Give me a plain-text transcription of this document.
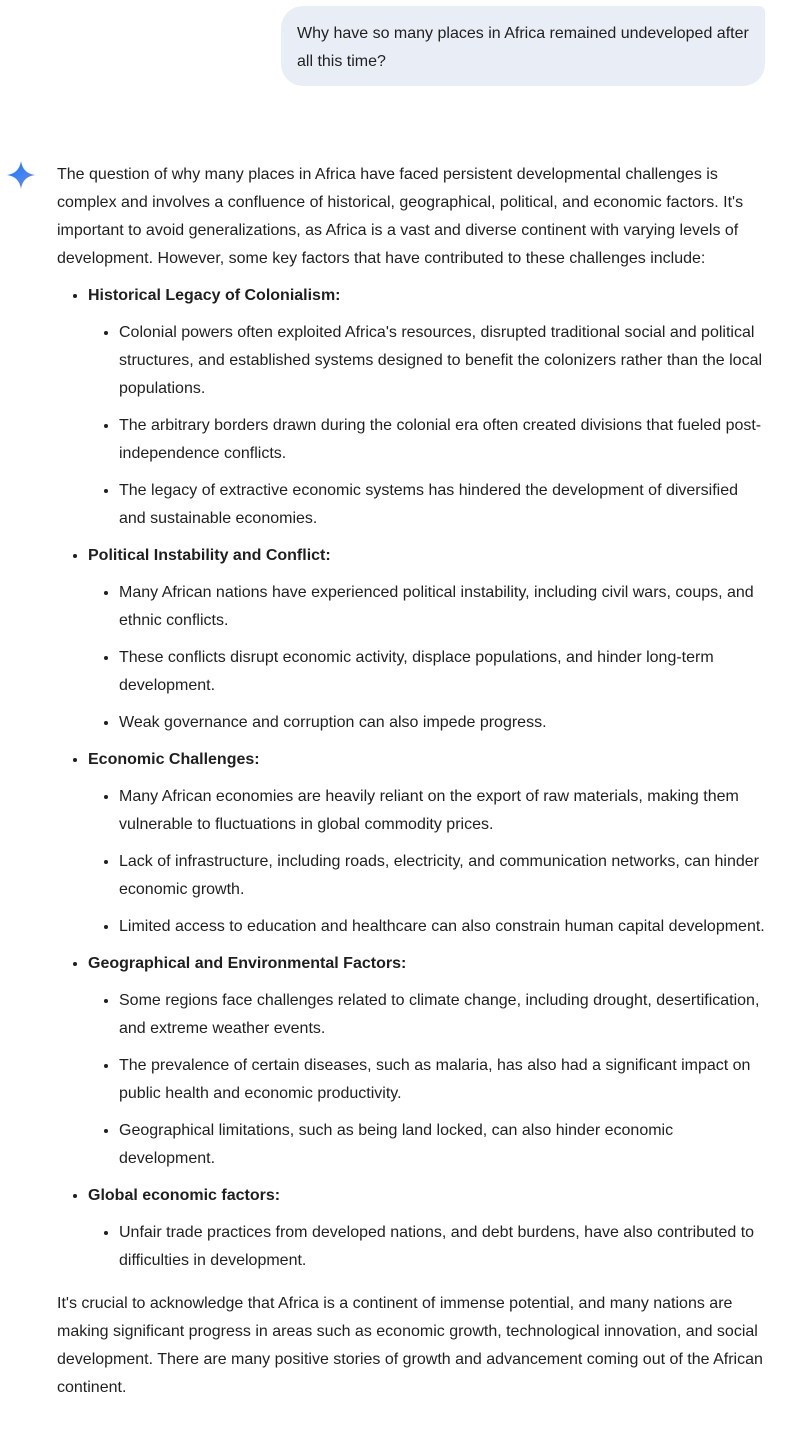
Why have so many places in Africa remained undeveloped after all this time?

The question of why many places in Africa have faced persistent developmental challenges is complex and involves a confluence of historical, geographical, political, and economic factors. It's important to avoid generalizations, as Africa is a vast and diverse continent with varying levels of development. However, some key factors that have contributed to these challenges include:

• Historical Legacy of Colonialism:
• Colonial powers often exploited Africa's resources, disrupted traditional social and political structures, and established systems designed to benefit the colonizers rather than the local populations.
• The arbitrary borders drawn during the colonial era often created divisions that fueled post-independence conflicts.
• The legacy of extractive economic systems has hindered the development of diversified and sustainable economies.
• Political Instability and Conflict:
• Many African nations have experienced political instability, including civil wars, coups, and ethnic conflicts.
• These conflicts disrupt economic activity, displace populations, and hinder long-term development.
• Weak governance and corruption can also impede progress.
• Economic Challenges:
• Many African economies are heavily reliant on the export of raw materials, making them vulnerable to fluctuations in global commodity prices.
• Lack of infrastructure, including roads, electricity, and communication networks, can hinder economic growth.
• Limited access to education and healthcare can also constrain human capital development.
• Geographical and Environmental Factors:
• Some regions face challenges related to climate change, including drought, desertification, and extreme weather events.
• The prevalence of certain diseases, such as malaria, has also had a significant impact on public health and economic productivity.
• Geographical limitations, such as being land locked, can also hinder economic development.
• Global economic factors:
• Unfair trade practices from developed nations, and debt burdens, have also contributed to difficulties in development.

It's crucial to acknowledge that Africa is a continent of immense potential, and many nations are making significant progress in areas such as economic growth, technological innovation, and social development. There are many positive stories of growth and advancement coming out of the African continent.
